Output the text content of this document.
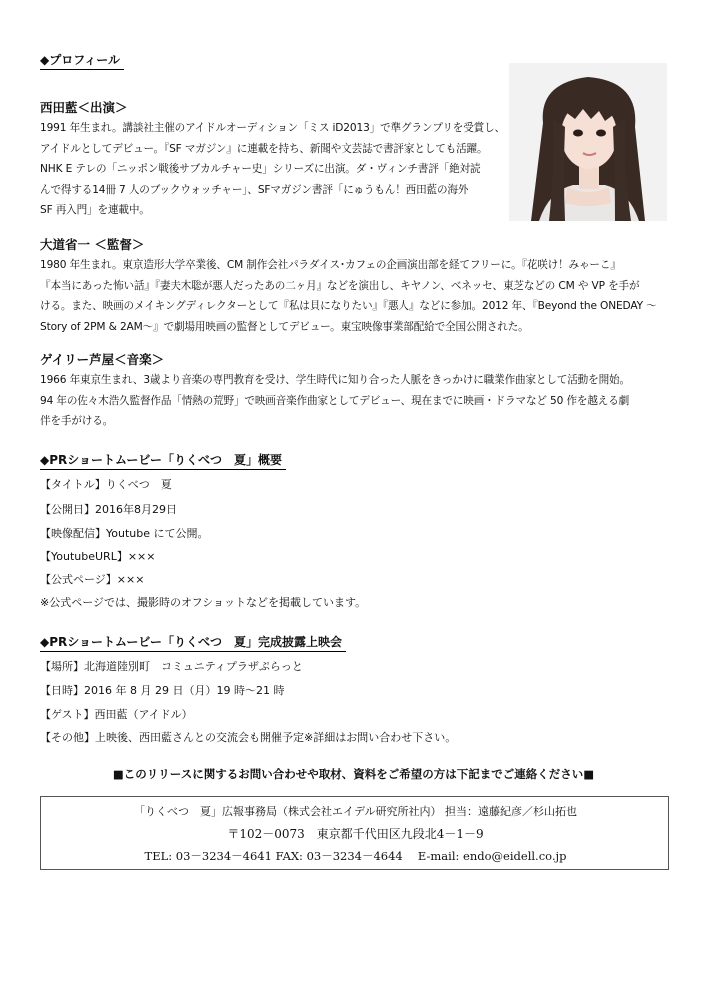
◆プロフィール
西田藍＜出演＞
1991 年生まれ。講談社主催のアイドルオーディション「ミス iD2013」で準グランプリを受賞し、
アイドルとしてデビュー。『SF マガジン』に連載を持ち、新聞や文芸誌で書評家としても活躍。
NHK E テレの「ニッポン戦後サブカルチャー史」シリーズに出演。ダ・ヴィンチ書評「絶対読
んで得する14冊 7 人のブックウォッチャー」、SFマガジン書評「にゅうもん！西田藍の海外
SF 再入門」を連載中。
大道省一 ＜監督＞
1980 年生まれ。東京造形大学卒業後、CM 制作会社パラダイス･カフェの企画演出部を経てフリーに。『花咲け！みゃーこ』
『本当にあった怖い話』『妻夫木聡が悪人だったあの二ヶ月』などを演出し、キヤノン、ベネッセ、東芝などの CM や VP を手が
ける。また、映画のメイキングディレクターとして『私は貝になりたい』『悪人』などに参加。2012 年、『Beyond the ONEDAY ～
Story of 2PM & 2AM～』で劇場用映画の監督としてデビュー。東宝映像事業部配給で全国公開された。
ゲイリー芦屋＜音楽＞
1966 年東京生まれ、3歳より音楽の専門教育を受け、学生時代に知り合った人脈をきっかけに職業作曲家として活動を開始。
94 年の佐々木浩久監督作品「情熱の荒野」で映画音楽作曲家としてデビュー、現在までに映画・ドラマなど 50 作を越える劇
伴を手がける。
◆PRショートムービー「りくべつ　夏」概要
【タイトル】りくべつ　夏
【公開日】2016年8月29日
【映像配信】Youtube にて公開。
【YoutubeURL】×××
【公式ページ】×××
※公式ページでは、撮影時のオフショットなどを掲載しています。
◆PRショートムービー「りくべつ　夏」完成披露上映会
【場所】北海道陸別町　コミュニティプラザぷらっと
【日時】2016 年 8 月 29 日（月）19 時～21 時
【ゲスト】西田藍（アイドル）
【その他】上映後、西田藍さんとの交流会も開催予定※詳細はお問い合わせ下さい。
■このリリースに関するお問い合わせや取材、資料をご希望の方は下記までご連絡ください■
「りくべつ　夏」広報事務局（株式会社エイデル研究所社内） 担当：遠藤紀彦／杉山拓也
〒102－0073　東京都千代田区九段北4－1－9
TEL: 03－3234－4641 FAX: 03－3234－4644　 E-mail: endo@eidell.co.jp
